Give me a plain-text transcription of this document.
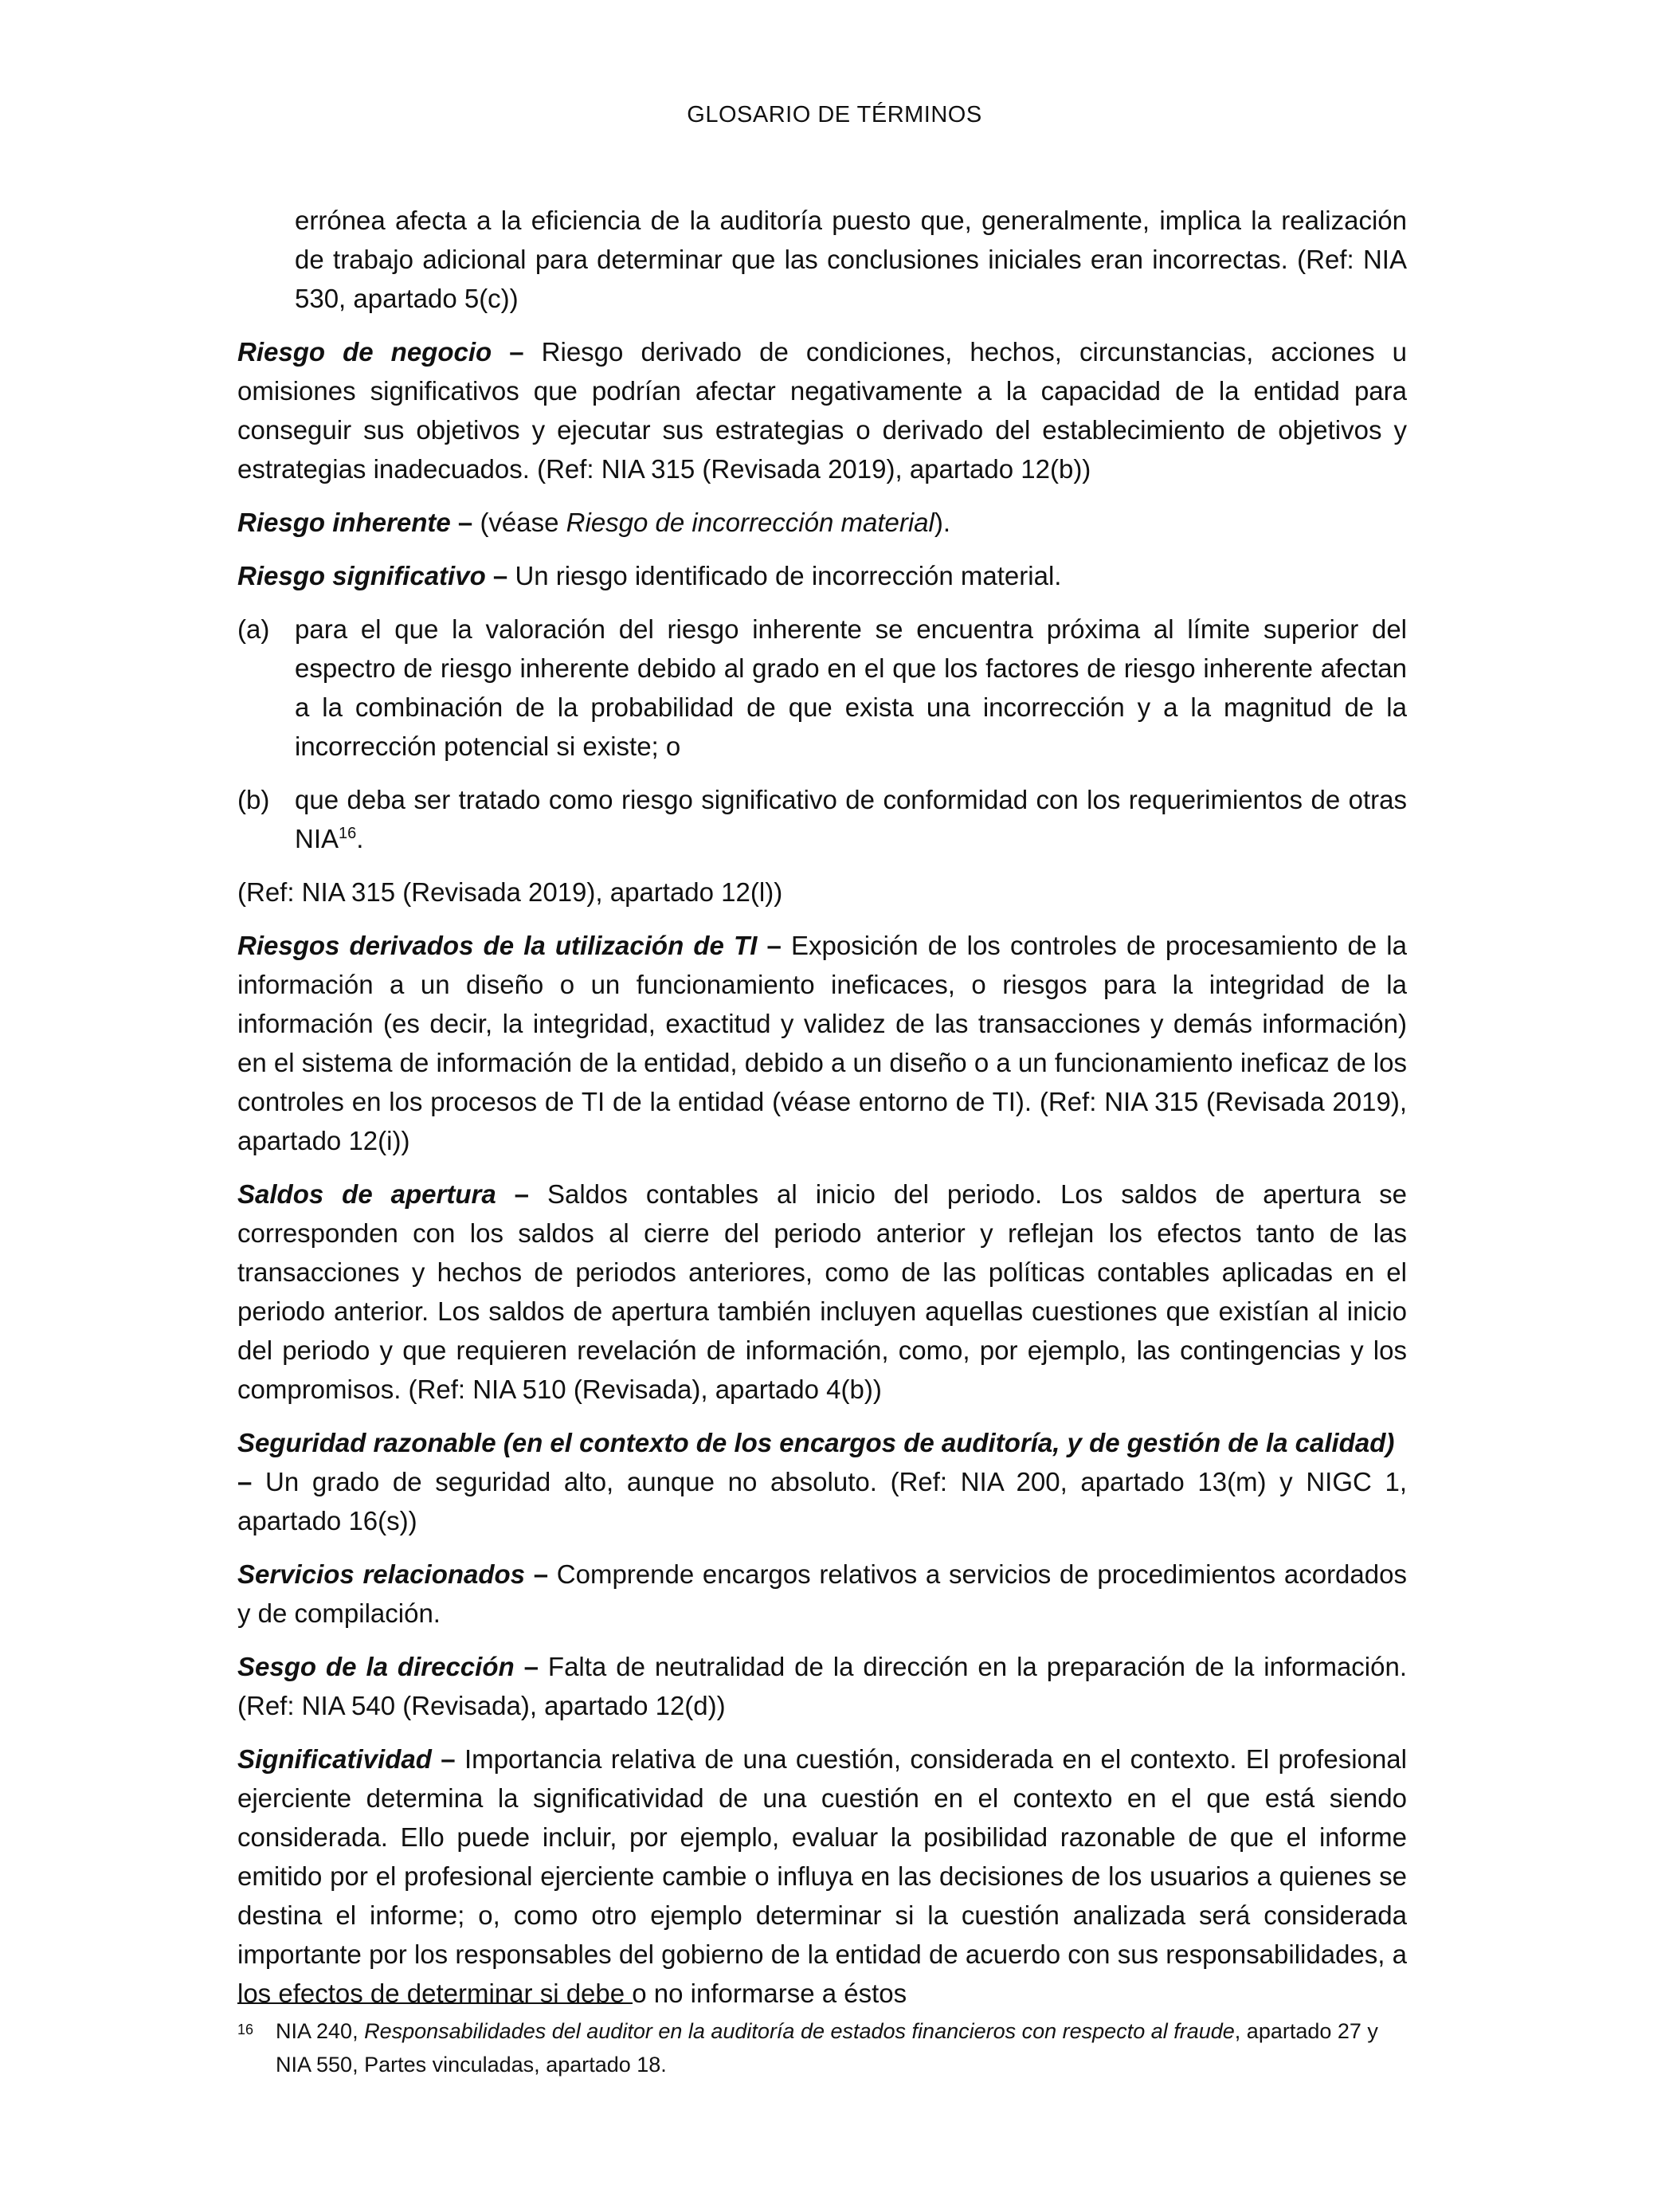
GLOSARIO DE TÉRMINOS

errónea afecta a la eficiencia de la auditoría puesto que, generalmente, implica la realización de trabajo adicional para determinar que las conclusiones iniciales eran incorrectas. (Ref: NIA 530, apartado 5(c))

Riesgo de negocio – Riesgo derivado de condiciones, hechos, circunstancias, acciones u omisiones significativos que podrían afectar negativamente a la capacidad de la entidad para conseguir sus objetivos y ejecutar sus estrategias o derivado del establecimiento de objetivos y estrategias inadecuados. (Ref: NIA 315 (Revisada 2019), apartado 12(b))

Riesgo inherente – (véase Riesgo de incorrección material).

Riesgo significativo – Un riesgo identificado de incorrección material.

(a) para el que la valoración del riesgo inherente se encuentra próxima al límite superior del espectro de riesgo inherente debido al grado en el que los factores de riesgo inherente afectan a la combinación de la probabilidad de que exista una incorrección y a la magnitud de la incorrección potencial si existe; o
(b) que deba ser tratado como riesgo significativo de conformidad con los requerimientos de otras NIA$^{16}$.

(Ref: NIA 315 (Revisada 2019), apartado 12(l))

Riesgos derivados de la utilización de TI – Exposición de los controles de procesamiento de la información a un diseño o un funcionamiento ineficaces, o riesgos para la integridad de la información (es decir, la integridad, exactitud y validez de las transacciones y demás información) en el sistema de información de la entidad, debido a un diseño o a un funcionamiento ineficaz de los controles en los procesos de TI de la entidad (véase entorno de TI). (Ref: NIA 315 (Revisada 2019), apartado 12(i))

Saldos de apertura – Saldos contables al inicio del periodo. Los saldos de apertura se corresponden con los saldos al cierre del periodo anterior y reflejan los efectos tanto de las transacciones y hechos de periodos anteriores, como de las políticas contables aplicadas en el periodo anterior. Los saldos de apertura también incluyen aquellas cuestiones que existían al inicio del periodo y que requieren revelación de información, como, por ejemplo, las contingencias y los compromisos. (Ref: NIA 510 (Revisada), apartado 4(b))

Seguridad razonable (en el contexto de los encargos de auditoría, y de gestión de la calidad)
– Un grado de seguridad alto, aunque no absoluto. (Ref: NIA 200, apartado 13(m) y NIGC 1, apartado 16(s))

Servicios relacionados – Comprende encargos relativos a servicios de procedimientos acordados y de compilación.

Sesgo de la dirección – Falta de neutralidad de la dirección en la preparación de la información. (Ref: NIA 540 (Revisada), apartado 12(d))

Significatividad – Importancia relativa de una cuestión, considerada en el contexto. El profesional ejerciente determina la significatividad de una cuestión en el contexto en el que está siendo considerada. Ello puede incluir, por ejemplo, evaluar la posibilidad razonable de que el informe emitido por el profesional ejerciente cambie o influya en las decisiones de los usuarios a quienes se destina el informe; o, como otro ejemplo determinar si la cuestión analizada será considerada importante por los responsables del gobierno de la entidad de acuerdo con sus responsabilidades, a los efectos de determinar si debe o no informarse a éstos

16	NIA 240, Responsabilidades del auditor en la auditoría de estados financieros con respecto al fraude, apartado 27 y NIA 550, Partes vinculadas, apartado 18.
